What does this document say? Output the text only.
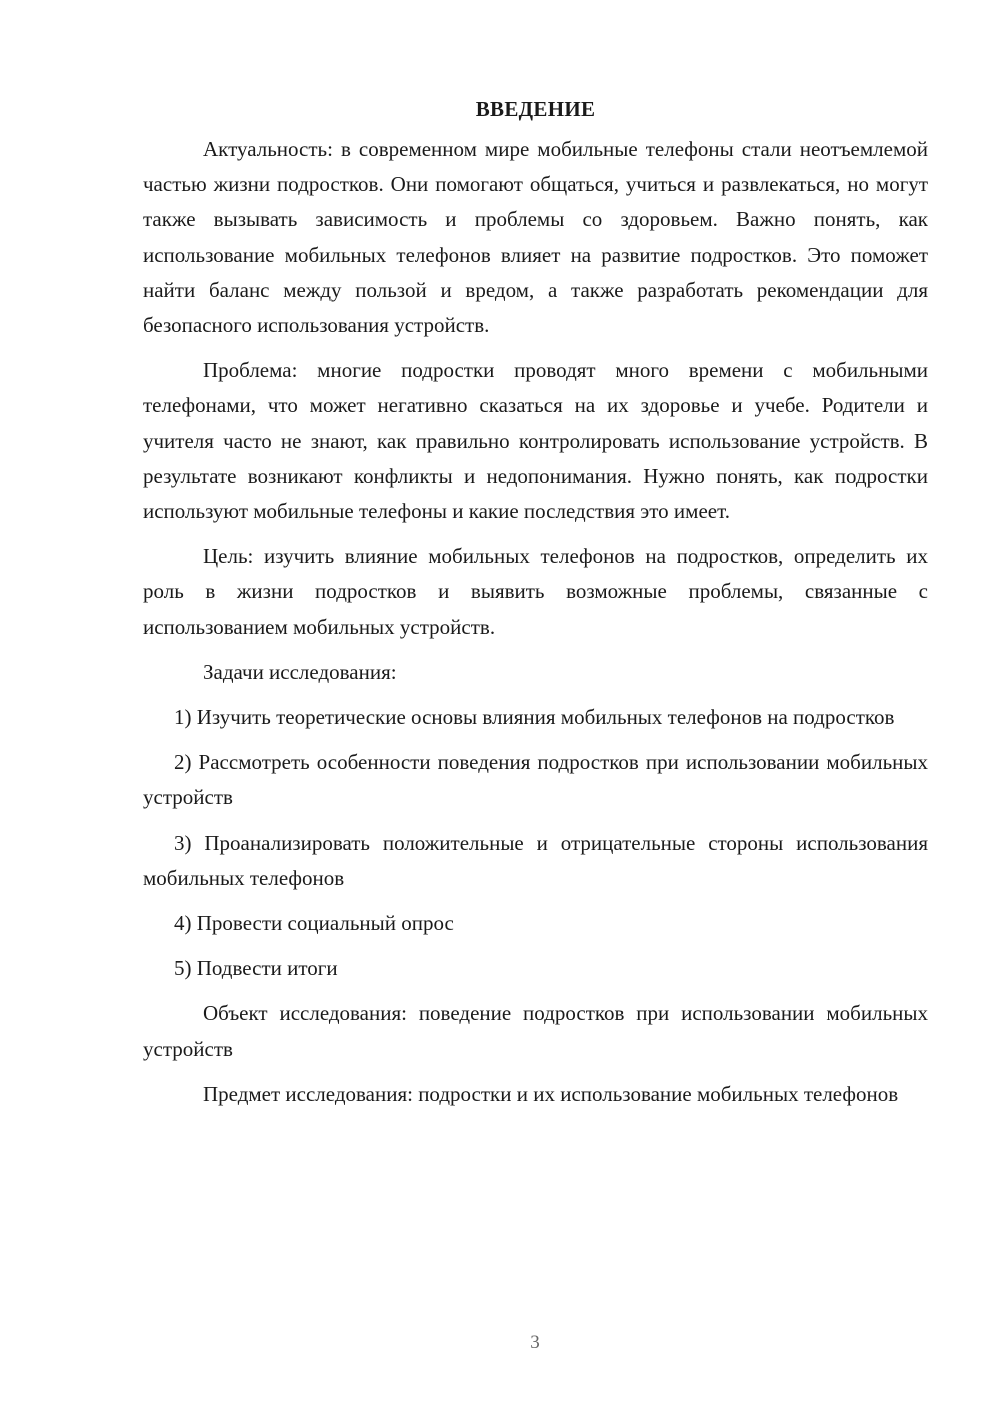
ВВЕДЕНИЕ

Актуальность: в современном мире мобильные телефоны стали неотъемлемой частью жизни подростков. Они помогают общаться, учиться и развлекаться, но могут также вызывать зависимость и проблемы со здоровьем. Важно понять, как использование мобильных телефонов влияет на развитие подростков. Это поможет найти баланс между пользой и вредом, а также разработать рекомендации для безопасного использования устройств.

Проблема: многие подростки проводят много времени с мобильными телефонами, что может негативно сказаться на их здоровье и учебе. Родители и учителя часто не знают, как правильно контролировать использование устройств. В результате возникают конфликты и недопонимания. Нужно понять, как подростки используют мобильные телефоны и какие последствия это имеет.

Цель: изучить влияние мобильных телефонов на подростков, определить их роль в жизни подростков и выявить возможные проблемы, связанные с использованием мобильных устройств.

Задачи исследования:

1) Изучить теоретические основы влияния мобильных телефонов на подростков

2) Рассмотреть особенности поведения подростков при использовании мобильных устройств

3) Проанализировать положительные и отрицательные стороны использования мобильных телефонов

4) Провести социальный опрос

5) Подвести итоги

Объект исследования: поведение подростков при использовании мобильных устройств

Предмет исследования: подростки и их использование мобильных телефонов

3
